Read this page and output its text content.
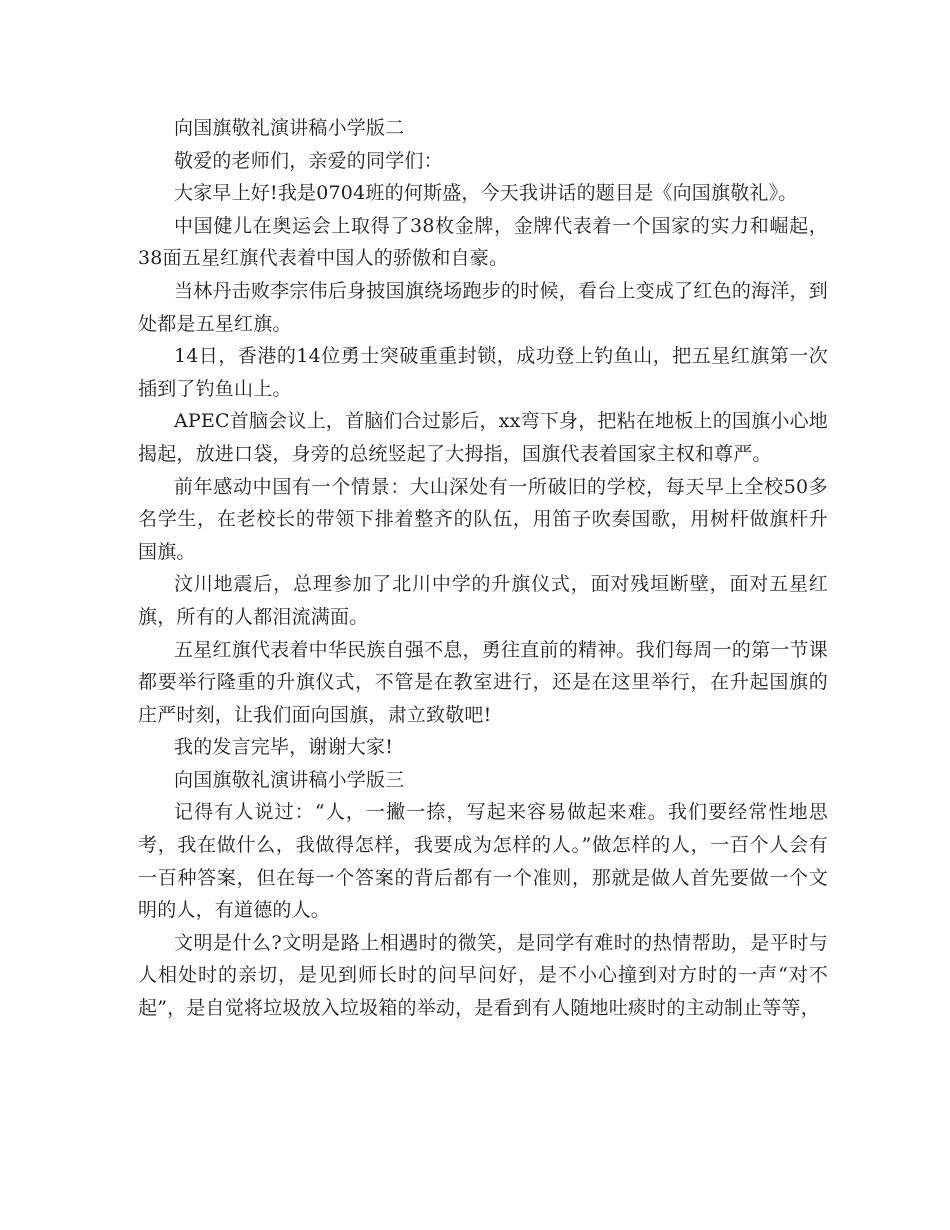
向国旗敬礼演讲稿小学版二

敬爱的老师们，亲爱的同学们：

大家早上好!我是0704班的何斯盛，今天我讲话的题目是《向国旗敬礼》。

中国健儿在奥运会上取得了38枚金牌，金牌代表着一个国家的实力和崛起，38面五星红旗代表着中国人的骄傲和自豪。

当林丹击败李宗伟后身披国旗绕场跑步的时候，看台上变成了红色的海洋，到处都是五星红旗。

14日，香港的14位勇士突破重重封锁，成功登上钓鱼山，把五星红旗第一次插到了钓鱼山上。

APEC首脑会议上，首脑们合过影后，xx弯下身，把粘在地板上的国旗小心地揭起，放进口袋，身旁的总统竖起了大拇指，国旗代表着国家主权和尊严。

前年感动中国有一个情景：大山深处有一所破旧的学校，每天早上全校50多名学生，在老校长的带领下排着整齐的队伍，用笛子吹奏国歌，用树杆做旗杆升国旗。

汶川地震后，总理参加了北川中学的升旗仪式，面对残垣断壁，面对五星红旗，所有的人都泪流满面。

五星红旗代表着中华民族自强不息，勇往直前的精神。我们每周一的第一节课都要举行隆重的升旗仪式，不管是在教室进行，还是在这里举行，在升起国旗的庄严时刻，让我们面向国旗，肃立致敬吧!

我的发言完毕，谢谢大家!

向国旗敬礼演讲稿小学版三

记得有人说过：“人，一撇一捺，写起来容易做起来难。我们要经常性地思考，我在做什么，我做得怎样，我要成为怎样的人。”做怎样的人，一百个人会有一百种答案，但在每一个答案的背后都有一个准则，那就是做人首先要做一个文明的人，有道德的人。

文明是什么?文明是路上相遇时的微笑，是同学有难时的热情帮助，是平时与人相处时的亲切，是见到师长时的问早问好，是不小心撞到对方时的一声“对不起”，是自觉将垃圾放入垃圾箱的举动，是看到有人随地吐痰时的主动制止等等，
